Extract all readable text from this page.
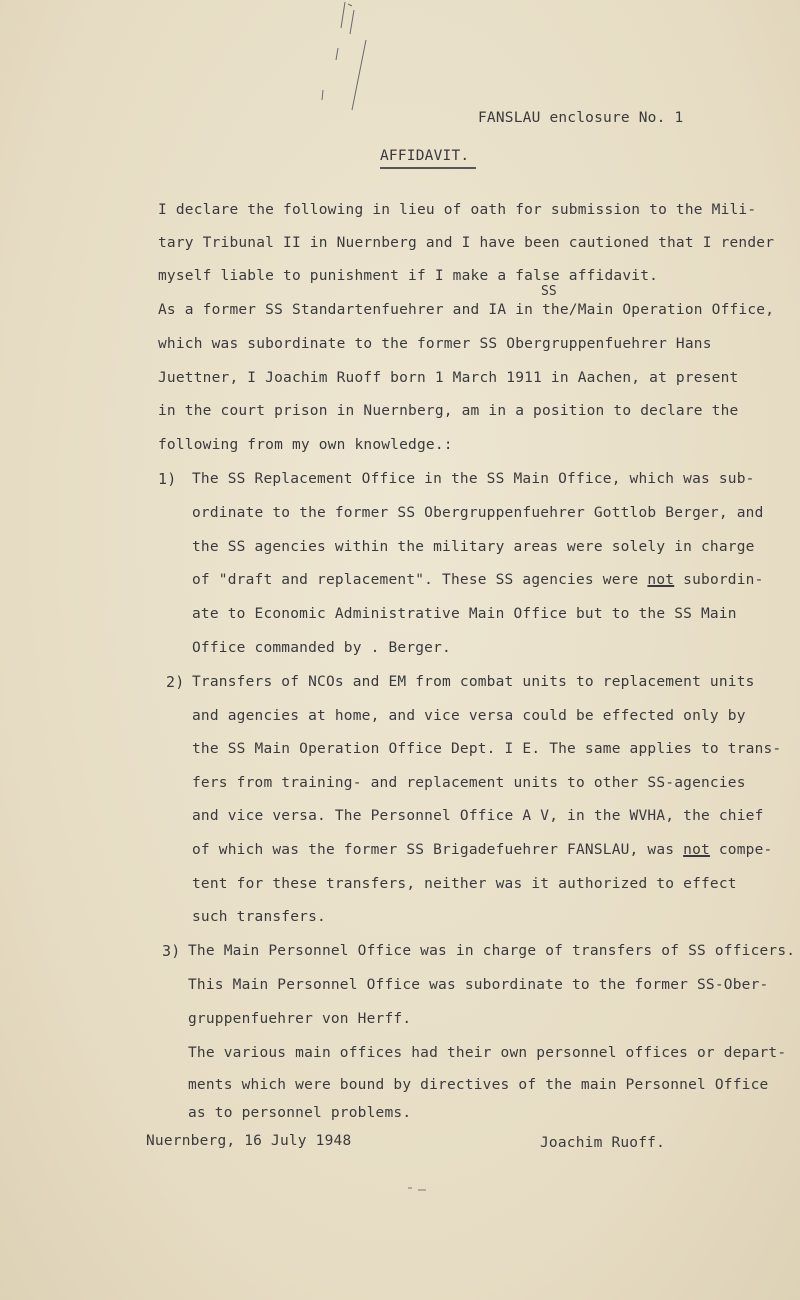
FANSLAU enclosure No. 1
AFFIDAVIT.
I declare the following in lieu of oath for submission to the Mili-
tary Tribunal II in Nuernberg and I have been cautioned that I render
myself liable to punishment if I make a false affidavit.
SS
As a former SS Standartenfuehrer and IA in the/Main Operation Office,
which was subordinate to the former SS Obergruppenfuehrer Hans
Juettner, I Joachim Ruoff born 1 March 1911 in Aachen, at present
in the court prison in Nuernberg, am in a position to declare the
following from my own knowledge.:
1) The SS Replacement Office in the SS Main Office, which was sub-
ordinate to the former SS Obergruppenfuehrer Gottlob Berger, and
the SS agencies within the military areas were solely in charge
of "draft and replacement". These SS agencies were not subordin-
ate to Economic Administrative Main Office but to the SS Main
Office commanded by . Berger.
2) Transfers of NCOs and EM from combat units to replacement units
and agencies at home, and vice versa could be effected only by
the SS Main Operation Office Dept. I E. The same applies to trans-
fers from training- and replacement units to other SS-agencies
and vice versa. The Personnel Office A V, in the WVHA, the chief
of which was the former SS Brigadefuehrer FANSLAU, was not compe-
tent for these transfers, neither was it authorized to effect
such transfers.
3) The Main Personnel Office was in charge of transfers of SS officers.
This Main Personnel Office was subordinate to the former SS-Ober-
gruppenfuehrer von Herff.
The various main offices had their own personnel offices or depart-
ments which were bound by directives of the main Personnel Office
as to personnel problems.
Nuernberg, 16 July 1948	Joachim Ruoff.
